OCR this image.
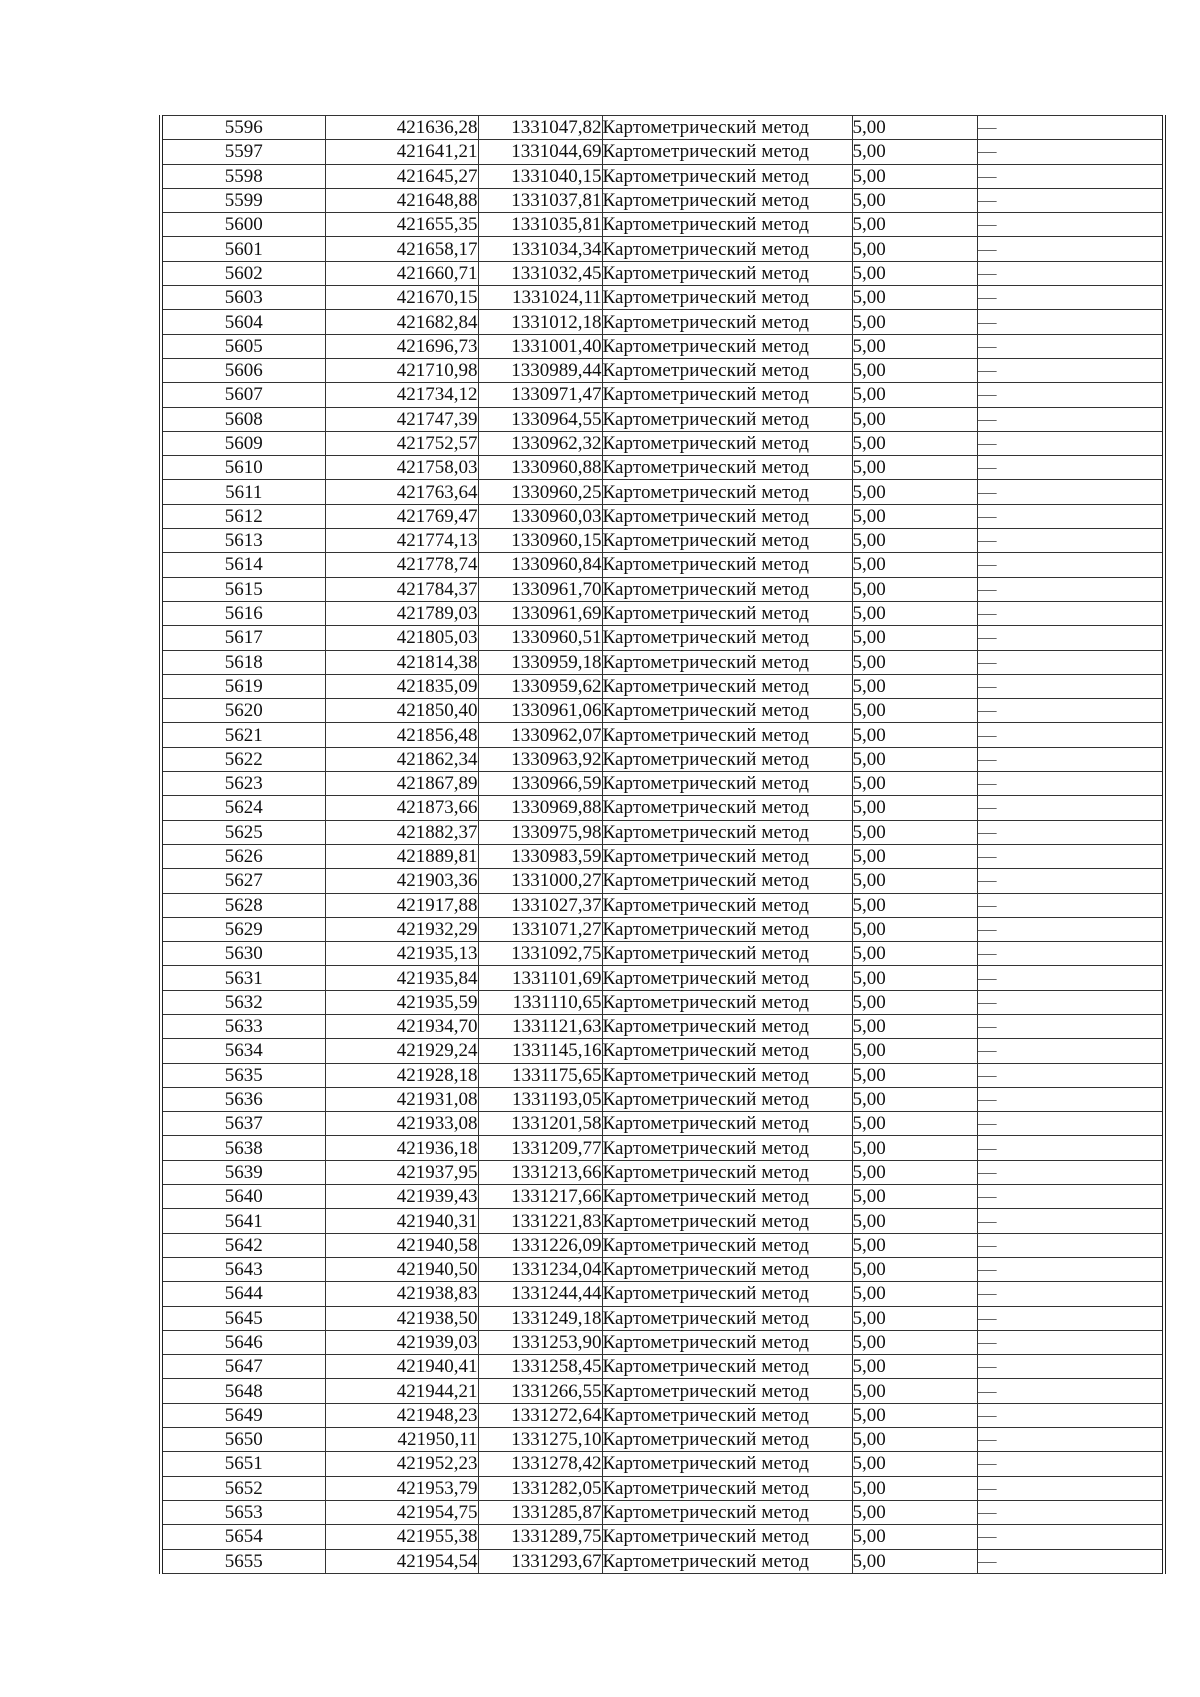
5596	421636,28	1331047,82	Картометрический метод	5,00	—
5597	421641,21	1331044,69	Картометрический метод	5,00	—
5598	421645,27	1331040,15	Картометрический метод	5,00	—
5599	421648,88	1331037,81	Картометрический метод	5,00	—
5600	421655,35	1331035,81	Картометрический метод	5,00	—
5601	421658,17	1331034,34	Картометрический метод	5,00	—
5602	421660,71	1331032,45	Картометрический метод	5,00	—
5603	421670,15	1331024,11	Картометрический метод	5,00	—
5604	421682,84	1331012,18	Картометрический метод	5,00	—
5605	421696,73	1331001,40	Картометрический метод	5,00	—
5606	421710,98	1330989,44	Картометрический метод	5,00	—
5607	421734,12	1330971,47	Картометрический метод	5,00	—
5608	421747,39	1330964,55	Картометрический метод	5,00	—
5609	421752,57	1330962,32	Картометрический метод	5,00	—
5610	421758,03	1330960,88	Картометрический метод	5,00	—
5611	421763,64	1330960,25	Картометрический метод	5,00	—
5612	421769,47	1330960,03	Картометрический метод	5,00	—
5613	421774,13	1330960,15	Картометрический метод	5,00	—
5614	421778,74	1330960,84	Картометрический метод	5,00	—
5615	421784,37	1330961,70	Картометрический метод	5,00	—
5616	421789,03	1330961,69	Картометрический метод	5,00	—
5617	421805,03	1330960,51	Картометрический метод	5,00	—
5618	421814,38	1330959,18	Картометрический метод	5,00	—
5619	421835,09	1330959,62	Картометрический метод	5,00	—
5620	421850,40	1330961,06	Картометрический метод	5,00	—
5621	421856,48	1330962,07	Картометрический метод	5,00	—
5622	421862,34	1330963,92	Картометрический метод	5,00	—
5623	421867,89	1330966,59	Картометрический метод	5,00	—
5624	421873,66	1330969,88	Картометрический метод	5,00	—
5625	421882,37	1330975,98	Картометрический метод	5,00	—
5626	421889,81	1330983,59	Картометрический метод	5,00	—
5627	421903,36	1331000,27	Картометрический метод	5,00	—
5628	421917,88	1331027,37	Картометрический метод	5,00	—
5629	421932,29	1331071,27	Картометрический метод	5,00	—
5630	421935,13	1331092,75	Картометрический метод	5,00	—
5631	421935,84	1331101,69	Картометрический метод	5,00	—
5632	421935,59	1331110,65	Картометрический метод	5,00	—
5633	421934,70	1331121,63	Картометрический метод	5,00	—
5634	421929,24	1331145,16	Картометрический метод	5,00	—
5635	421928,18	1331175,65	Картометрический метод	5,00	—
5636	421931,08	1331193,05	Картометрический метод	5,00	—
5637	421933,08	1331201,58	Картометрический метод	5,00	—
5638	421936,18	1331209,77	Картометрический метод	5,00	—
5639	421937,95	1331213,66	Картометрический метод	5,00	—
5640	421939,43	1331217,66	Картометрический метод	5,00	—
5641	421940,31	1331221,83	Картометрический метод	5,00	—
5642	421940,58	1331226,09	Картометрический метод	5,00	—
5643	421940,50	1331234,04	Картометрический метод	5,00	—
5644	421938,83	1331244,44	Картометрический метод	5,00	—
5645	421938,50	1331249,18	Картометрический метод	5,00	—
5646	421939,03	1331253,90	Картометрический метод	5,00	—
5647	421940,41	1331258,45	Картометрический метод	5,00	—
5648	421944,21	1331266,55	Картометрический метод	5,00	—
5649	421948,23	1331272,64	Картометрический метод	5,00	—
5650	421950,11	1331275,10	Картометрический метод	5,00	—
5651	421952,23	1331278,42	Картометрический метод	5,00	—
5652	421953,79	1331282,05	Картометрический метод	5,00	—
5653	421954,75	1331285,87	Картометрический метод	5,00	—
5654	421955,38	1331289,75	Картометрический метод	5,00	—
5655	421954,54	1331293,67	Картометрический метод	5,00	—
